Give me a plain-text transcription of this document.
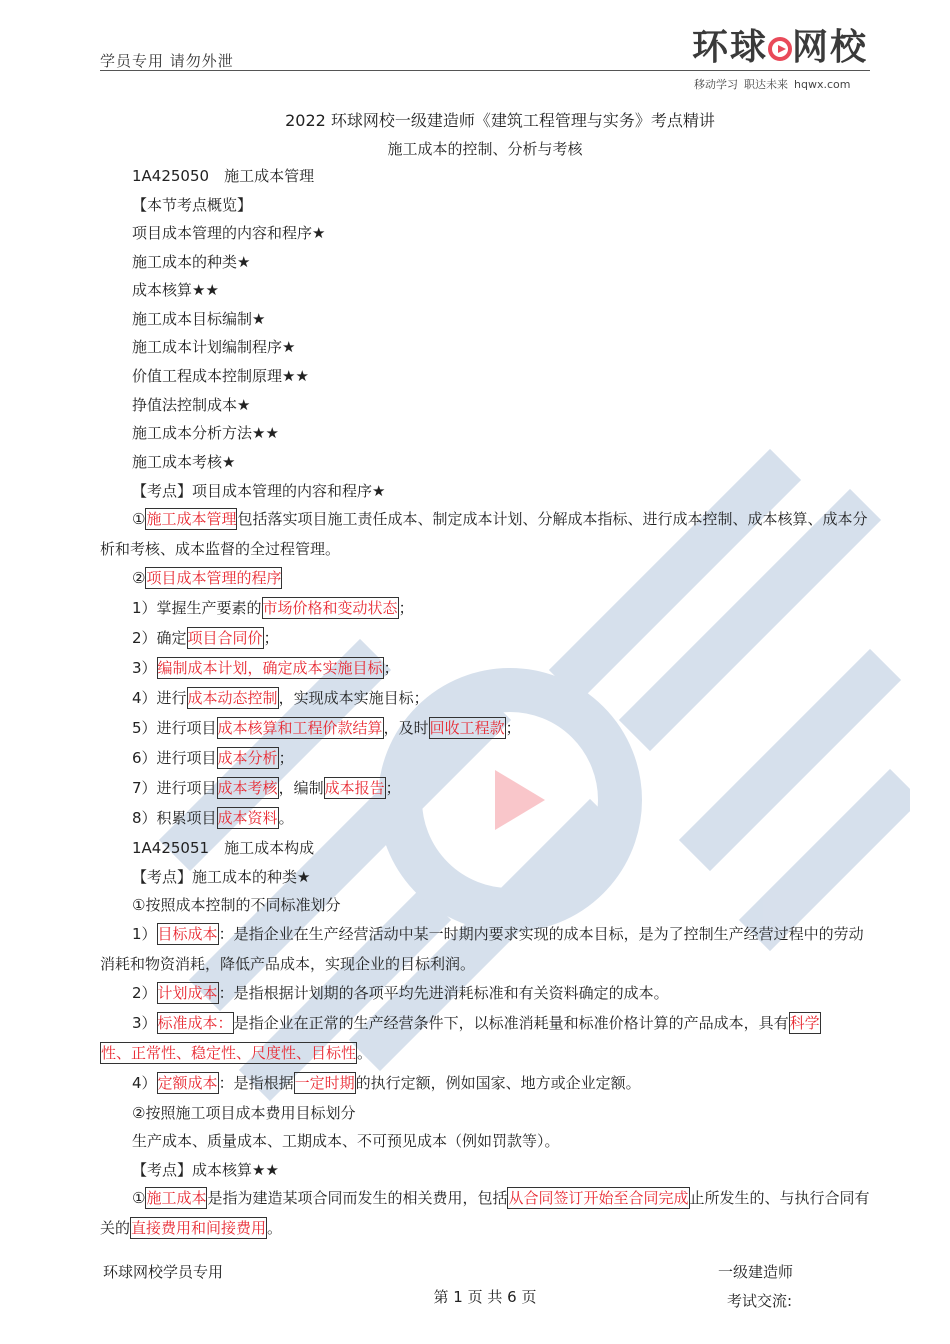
学员专用 请勿外泄	环球 网校
移动学习 职达未来 hqwx.com
2022 环球网校一级建造师《建筑工程管理与实务》考点精讲
施工成本的控制、分析与考核
1A425050　施工成本管理
【本节考点概览】
项目成本管理的内容和程序★
施工成本的种类★
成本核算★★
施工成本目标编制★
施工成本计划编制程序★
价值工程成本控制原理★★
挣值法控制成本★
施工成本分析方法★★
施工成本考核★
【考点】项目成本管理的内容和程序★
①施工成本管理包括落实项目施工责任成本、制定成本计划、分解成本指标、进行成本控制、成本核算、成本分析和考核、成本监督的全过程管理。
②项目成本管理的程序
1）掌握生产要素的市场价格和变动状态；
2）确定项目合同价；
3）编制成本计划，确定成本实施目标；
4）进行成本动态控制，实现成本实施目标；
5）进行项目成本核算和工程价款结算，及时回收工程款；
6）进行项目成本分析；
7）进行项目成本考核，编制成本报告；
8）积累项目成本资料。
1A425051　施工成本构成
【考点】施工成本的种类★
①按照成本控制的不同标准划分
1）目标成本：是指企业在生产经营活动中某一时期内要求实现的成本目标，是为了控制生产经营过程中的劳动消耗和物资消耗，降低产品成本，实现企业的目标利润。
2）计划成本：是指根据计划期的各项平均先进消耗标准和有关资料确定的成本。
3）标准成本：是指企业在正常的生产经营条件下，以标准消耗量和标准价格计算的产品成本，具有科学
性、正常性、稳定性、尺度性、目标性。
4）定额成本：是指根据一定时期的执行定额，例如国家、地方或企业定额。
②按照施工项目成本费用目标划分
生产成本、质量成本、工期成本、不可预见成本（例如罚款等）。
【考点】成本核算★★
①施工成本是指为建造某项合同而发生的相关费用，包括从合同签订开始至合同完成止所发生的、与执行合同有关的直接费用和间接费用。
环球网校学员专用	一级建造师
考试交流:
第 1 页 共 6 页
